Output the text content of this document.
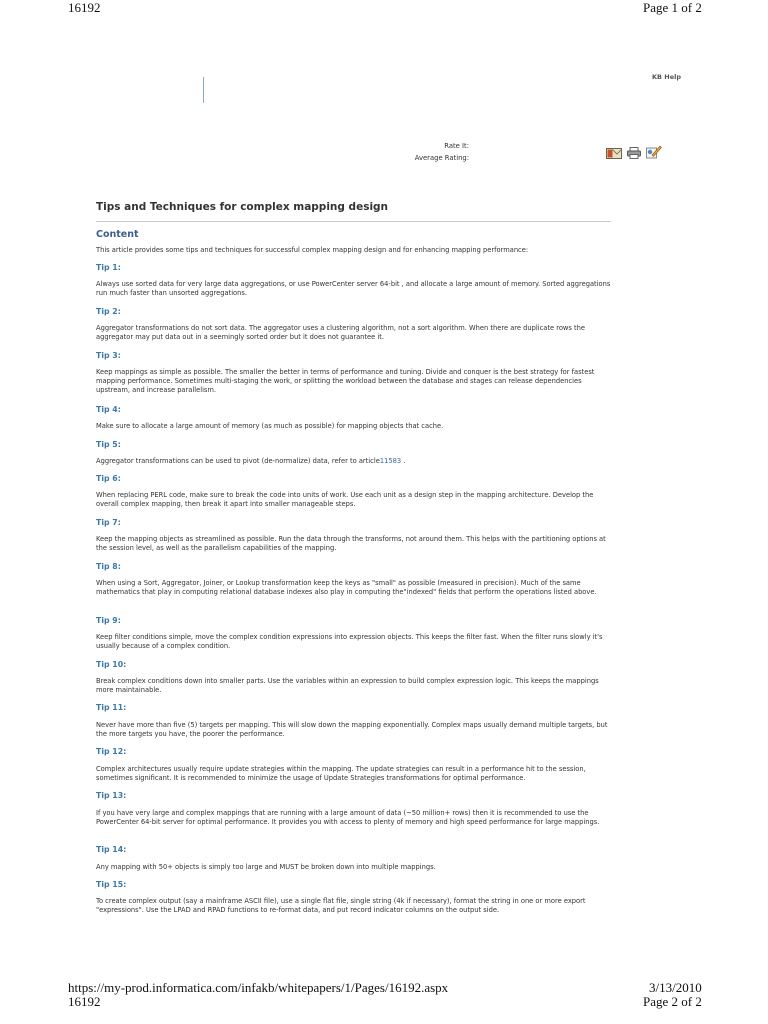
16192	Page 1 of 2
KB Help
Rate It:
Average Rating:
Tips and Techniques for complex mapping design
Content
This article provides some tips and techniques for successful complex mapping design and for enhancing mapping performance:
Tip 1:
Always use sorted data for very large data aggregations, or use PowerCenter server 64-bit , and allocate a large amount of memory. Sorted aggregations run much faster than unsorted aggregations.
Tip 2:
Aggregator transformations do not sort data. The aggregator uses a clustering algorithm, not a sort algorithm. When there are duplicate rows the aggregator may put data out in a seemingly sorted order but it does not guarantee it.
Tip 3:
Keep mappings as simple as possible. The smaller the better in terms of performance and tuning. Divide and conquer is the best strategy for fastest mapping performance. Sometimes multi-staging the work, or splitting the workload between the database and stages can release dependencies upstream, and increase parallelism.
Tip 4:
Make sure to allocate a large amount of memory (as much as possible) for mapping objects that cache.
Tip 5:
Aggregator transformations can be used to pivot (de-normalize) data, refer to article11583 .
Tip 6:
When replacing PERL code, make sure to break the code into units of work. Use each unit as a design step in the mapping architecture. Develop the overall complex mapping, then break it apart into smaller manageable steps.
Tip 7:
Keep the mapping objects as streamlined as possible. Run the data through the transforms, not around them. This helps with the partitioning options at the session level, as well as the parallelism capabilities of the mapping.
Tip 8:
When using a Sort, Aggregator, Joiner, or Lookup transformation keep the keys as "small" as possible (measured in precision). Much of the same mathematics that play in computing relational database indexes also play in computing the"indexed" fields that perform the operations listed above.
Tip 9:
Keep filter conditions simple, move the complex condition expressions into expression objects. This keeps the filter fast. When the filter runs slowly it's usually because of a complex condition.
Tip 10:
Break complex conditions down into smaller parts. Use the variables within an expression to build complex expression logic. This keeps the mappings more maintainable.
Tip 11:
Never have more than five (5) targets per mapping. This will slow down the mapping exponentially. Complex maps usually demand multiple targets, but the more targets you have, the poorer the performance.
Tip 12:
Complex architectures usually require update strategies within the mapping. The update strategies can result in a performance hit to the session, sometimes significant. It is recommended to minimize the usage of Update Strategies transformations for optimal performance.
Tip 13:
If you have very large and complex mappings that are running with a large amount of data (~50 million+ rows) then it is recommended to use the PowerCenter 64-bit server for optimal performance. It provides you with access to plenty of memory and high speed performance for large mappings.
Tip 14:
Any mapping with 50+ objects is simply too large and MUST be broken down into multiple mappings.
Tip 15:
To create complex output (say a mainframe ASCII file), use a single flat file, single string (4k if necessary), format the string in one or more export "expressions". Use the LPAD and RPAD functions to re-format data, and put record indicator columns on the output side.
https://my-prod.informatica.com/infakb/whitepapers/1/Pages/16192.aspx
16192
3/13/2010
Page 2 of 2
